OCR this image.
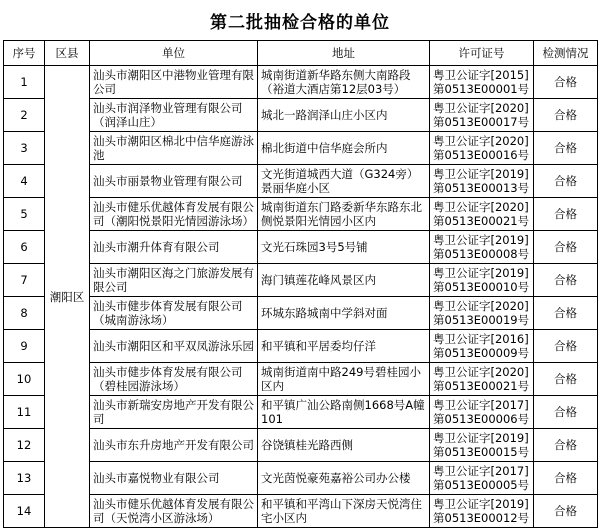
第二批抽检合格的单位
序号	区县	单位	地址	许可证号	检测情况
1	潮阳区	汕头市潮阳区中港物业管理有限公司	城南街道新华路东侧大南路段（裕道大酒店第12层03号）	粤卫公证字[2015]第0513E00001号	合格
2		汕头市润泽物业管理有限公司（润泽山庄）	城北一路润泽山庄小区内	粤卫公证字[2020]第0513E00017号	合格
3		汕头市潮阳区棉北中信华庭游泳池	棉北街道中信华庭会所内	粤卫公证字[2020]第0513E00016号	合格
4		汕头市丽景物业管理有限公司	文光街道城西大道（G324旁）景丽华庭小区	粤卫公证字[2019]第0513E00013号	合格
5		汕头市健乐优越体育发展有限公司（潮阳悦景阳光情园游泳场）	城南街道东门路委新华东路东北侧悦景阳光情园小区内	粤卫公证字[2020]第0513E00021号	合格
6		汕头市潮升体育有限公司	文光石珠园3号5号铺	粤卫公证字[2019]第0513E00008号	合格
7		汕头市潮阳区海之门旅游发展有限公司	海门镇莲花峰风景区内	粤卫公证字[2019]第0513E00010号	合格
8		汕头市健步体育发展有限公司（城南游泳场）	环城东路城南中学斜对面	粤卫公证字[2020]第0513E00019号	合格
9		汕头市潮阳区和平双凤游泳乐园	和平镇和平居委均仔洋	粤卫公证字[2016]第0513E00009号	合格
10		汕头市健步体育发展有限公司（碧桂园游泳场）	城南街道南中路249号碧桂园小区内	粤卫公证字[2020]第0513E00021号	合格
11		汕头市新瑞安房地产开发有限公司	和平镇广汕公路南侧1668号A幢101	粤卫公证字[2017]第0513E00006号	合格
12		汕头市东升房地产开发有限公司	谷饶镇桂光路西侧	粤卫公证字[2019]第0513E00015号	合格
13		汕头市嘉悦物业有限公司	文光茵悦豪苑嘉裕公司办公楼	粤卫公证字[2017]第0513E00005号	合格
14		汕头市健乐优越体育发展有限公司（天悦湾小区游泳场）	和平镇和平湾山下深房天悦湾住宅小区内	粤卫公证字[2019]第0513E00012号	合格
